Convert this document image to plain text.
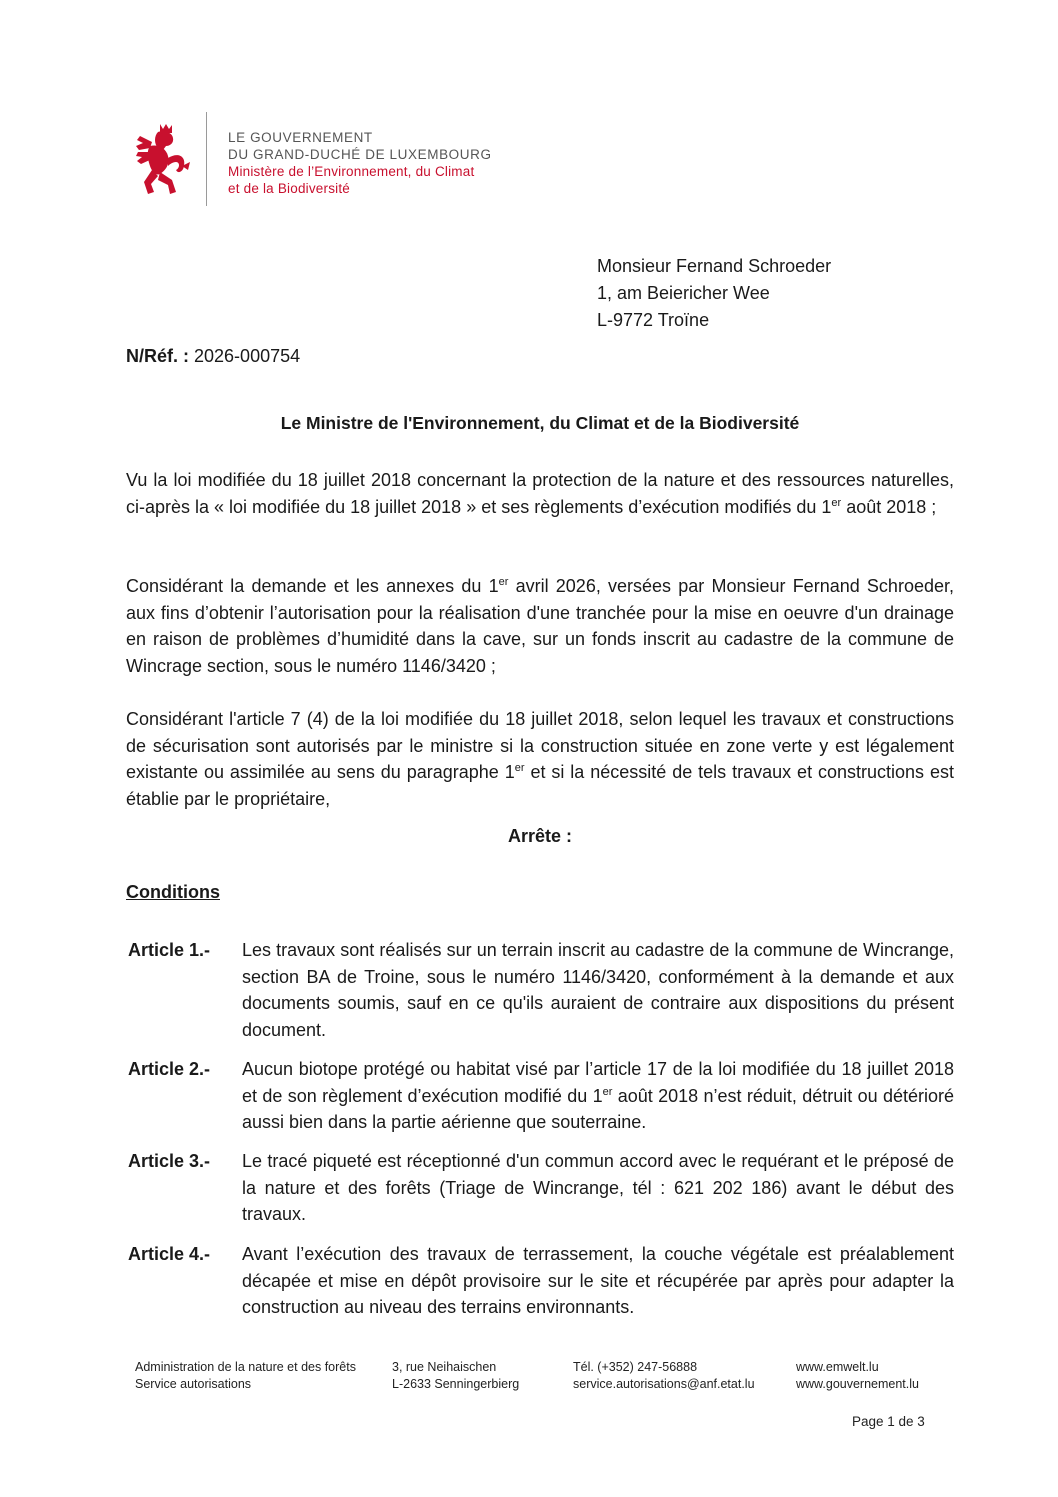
LE GOUVERNEMENT
DU GRAND-DUCHÉ DE LUXEMBOURG
Ministère de l’Environnement, du Climat
et de la Biodiversité
Monsieur Fernand Schroeder
1, am Beiericher Wee
L-9772 Troïne
N/Réf. : 2026-000754
Le Ministre de l'Environnement, du Climat et de la Biodiversité

Vu la loi modifiée du 18 juillet 2018 concernant la protection de la nature et des ressources naturelles, ci-après la « loi modifiée du 18 juillet 2018 » et ses règlements d’exécution modifiés du 1er août 2018 ;

Considérant la demande et les annexes du 1er avril 2026, versées par Monsieur Fernand Schroeder, aux fins d’obtenir l’autorisation pour la réalisation d'une tranchée pour la mise en oeuvre d'un drainage en raison de problèmes d’humidité dans la cave, sur un fonds inscrit au cadastre de la commune de Wincrage section, sous le numéro 1146/3420 ;

Considérant l'article 7 (4) de la loi modifiée du 18 juillet 2018, selon lequel les travaux et constructions de sécurisation sont autorisés par le ministre si la construction située en zone verte y est légalement existante ou assimilée au sens du paragraphe 1er et si la nécessité de tels travaux et constructions est établie par le propriétaire,

Arrête :
Conditions
Article 1.- Les travaux sont réalisés sur un terrain inscrit au cadastre de la commune de Wincrange, section BA de Troine, sous le numéro 1146/3420, conformément à la demande et aux documents soumis, sauf en ce qu'ils auraient de contraire aux dispositions du présent document.
Article 2.- Aucun biotope protégé ou habitat visé par l’article 17 de la loi modifiée du 18 juillet 2018 et de son règlement d’exécution modifié du 1er août 2018 n’est réduit, détruit ou détérioré aussi bien dans la partie aérienne que souterraine.
Article 3.- Le tracé piqueté est réceptionné d'un commun accord avec le requérant et le préposé de la nature et des forêts (Triage de Wincrange, tél : 621 202 186) avant le début des travaux.
Article 4.- Avant l’exécution des travaux de terrassement, la couche végétale est préalablement décapée et mise en dépôt provisoire sur le site et récupérée par après pour adapter la construction au niveau des terrains environnants.
Administration de la nature et des forêts
Service autorisations
3, rue Neihaischen
L-2633 Senningerbierg
Tél. (+352) 247-56888
service.autorisations@anf.etat.lu
www.emwelt.lu
www.gouvernement.lu
Page 1 de 3
